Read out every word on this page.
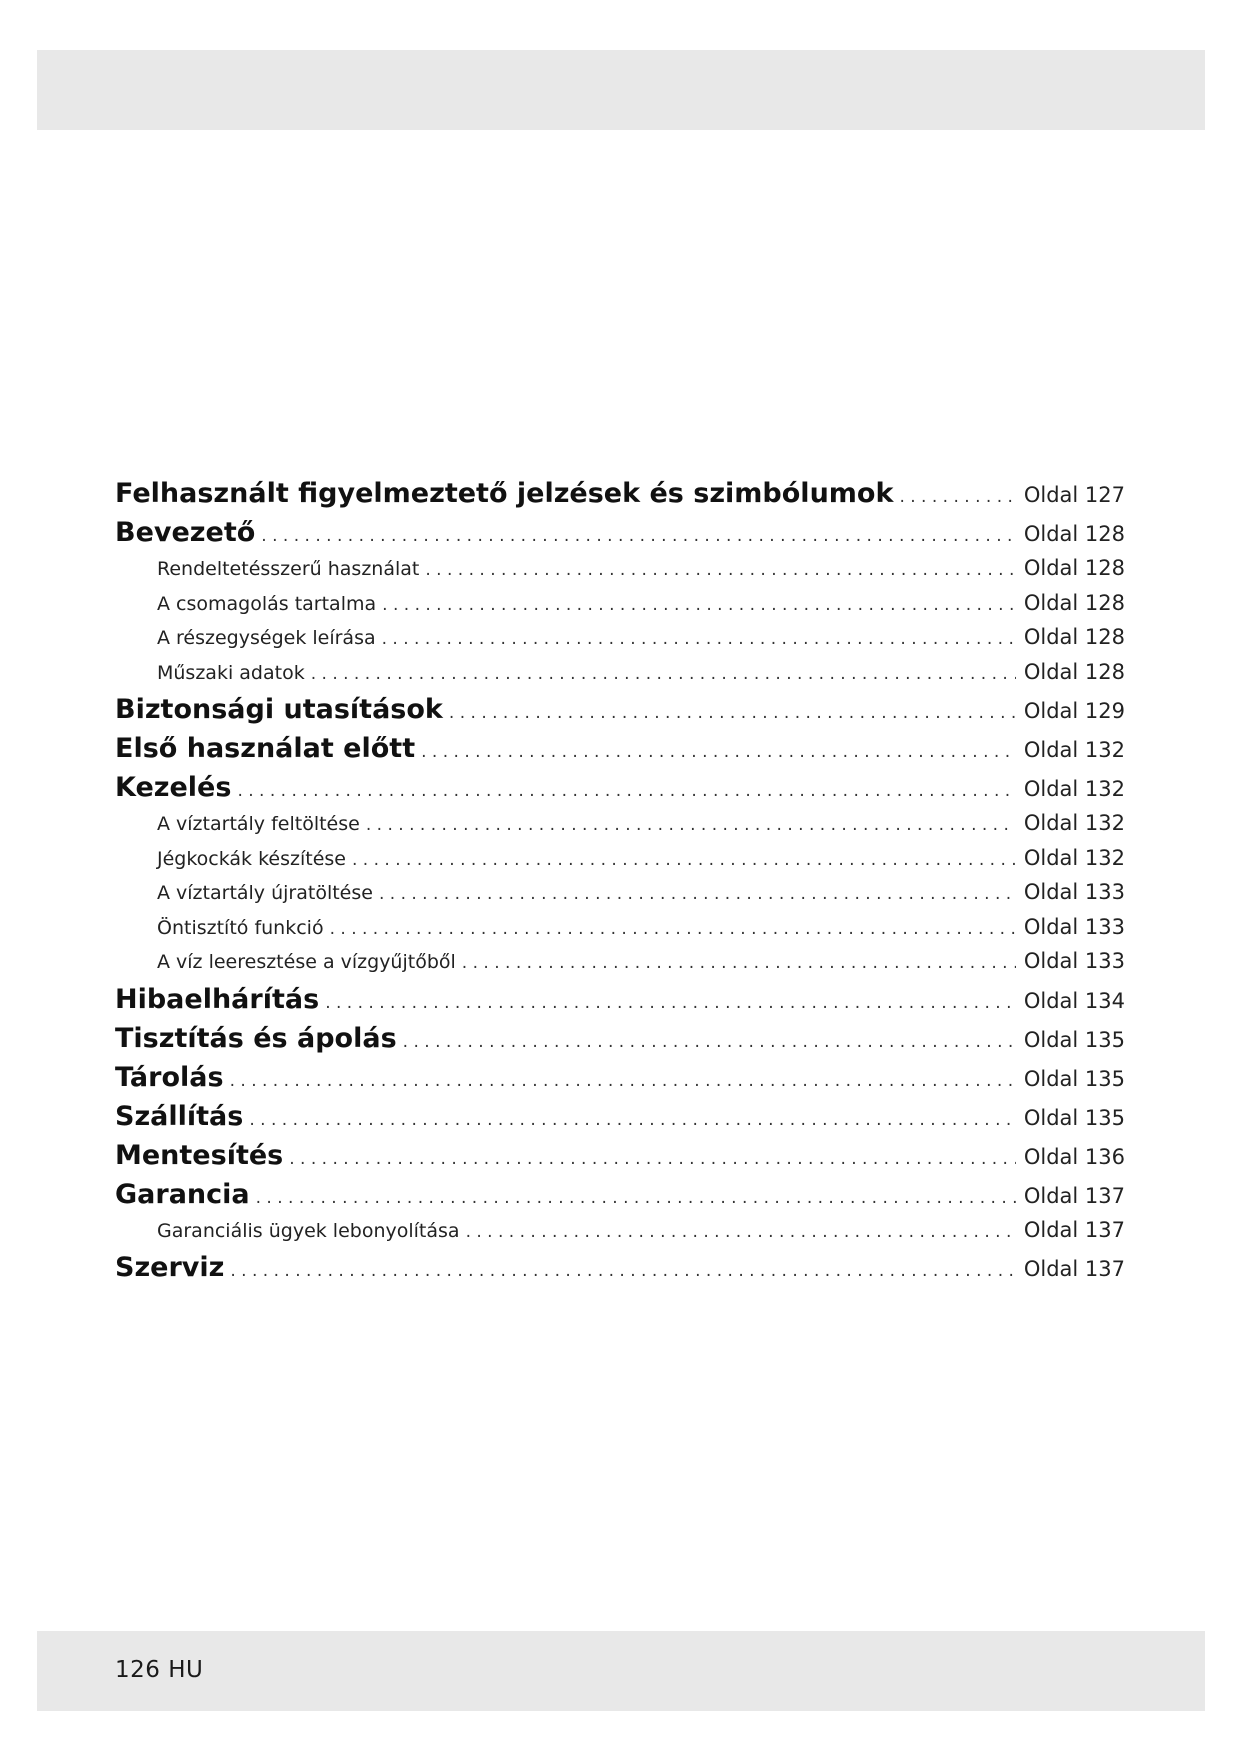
Felhasznált figyelmeztető jelzések és szimbólumok . . .	Oldal 127
Bevezető . . .	Oldal 128
Rendeltetésszerű használat . . .	Oldal 128
A csomagolás tartalma . . .	Oldal 128
A részegységek leírása . . .	Oldal 128
Műszaki adatok . . .	Oldal 128
Biztonsági utasítások . . .	Oldal 129
Első használat előtt . . .	Oldal 132
Kezelés . . .	Oldal 132
A víztartály feltöltése . . .	Oldal 132
Jégkockák készítése . . .	Oldal 132
A víztartály újratöltése . . .	Oldal 133
Öntisztító funkció . . .	Oldal 133
A víz leeresztése a vízgyűjtőből . . .	Oldal 133
Hibaelhárítás . . .	Oldal 134
Tisztítás és ápolás . . .	Oldal 135
Tárolás . . .	Oldal 135
Szállítás . . .	Oldal 135
Mentesítés . . .	Oldal 136
Garancia . . .	Oldal 137
Garanciális ügyek lebonyolítása . . .	Oldal 137
Szerviz . . .	Oldal 137
126 HU
